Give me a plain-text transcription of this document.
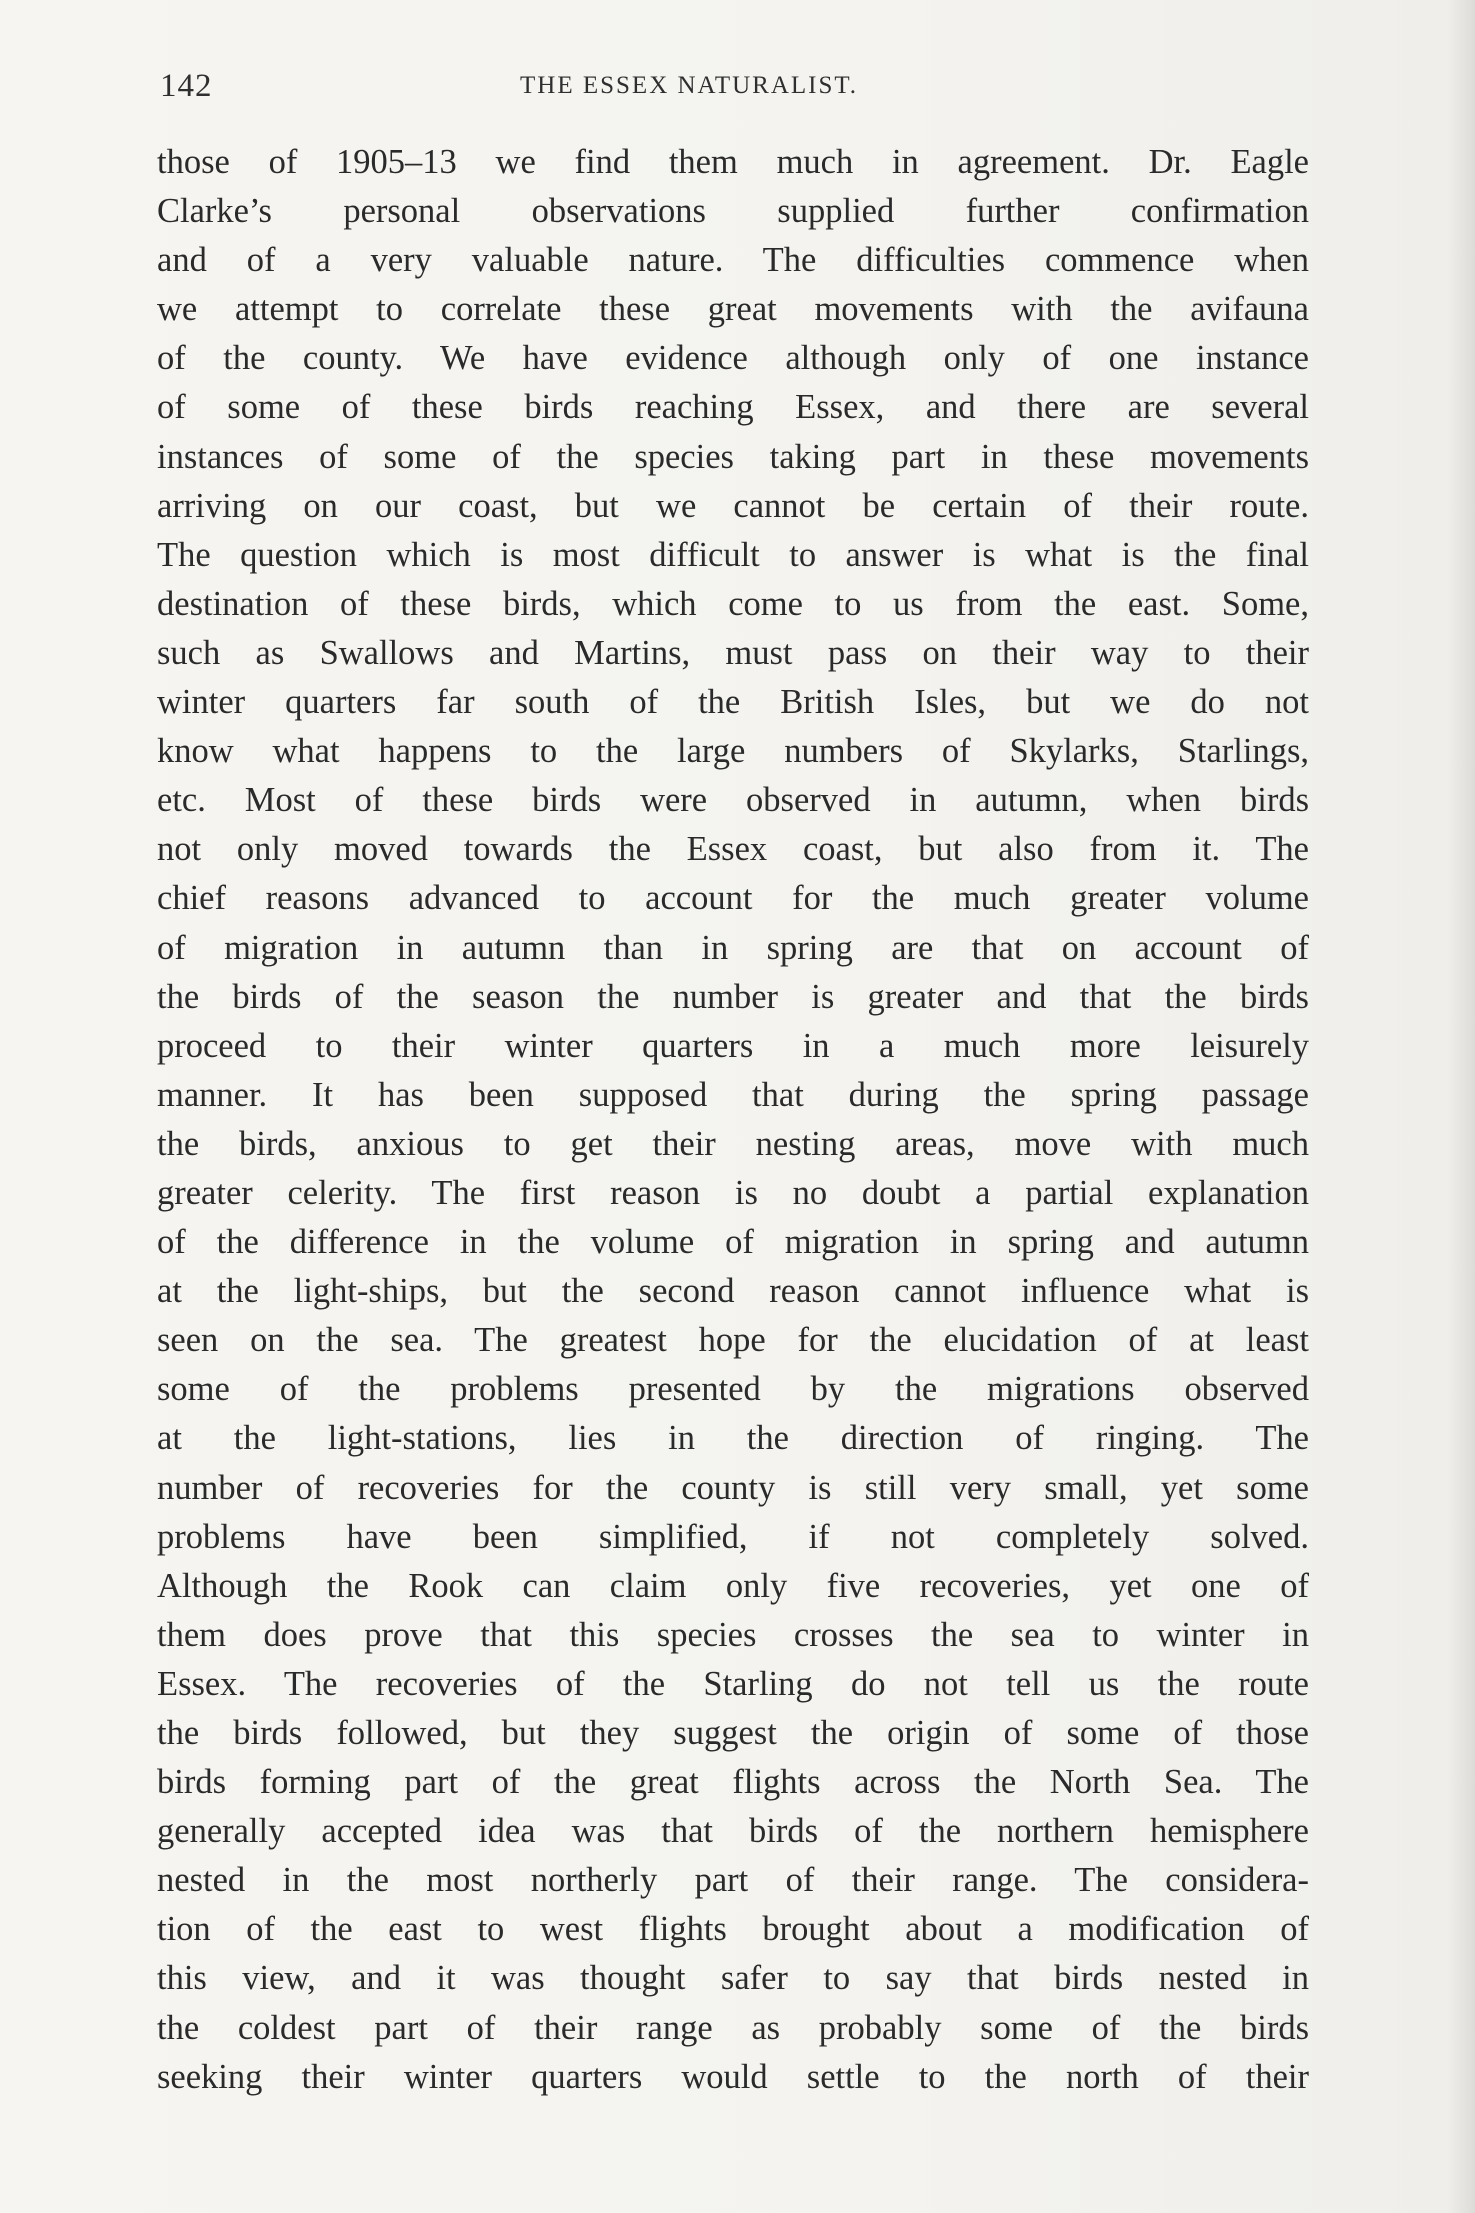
142	THE ESSEX NATURALIST.
those of 1905–13 we find them much in agreement. Dr. Eagle
Clarke’s personal observations supplied further confirmation
and of a very valuable nature. The difficulties commence when
we attempt to correlate these great movements with the avifauna
of the county. We have evidence although only of one instance
of some of these birds reaching Essex, and there are several
instances of some of the species taking part in these movements
arriving on our coast, but we cannot be certain of their route.
The question which is most difficult to answer is what is the final
destination of these birds, which come to us from the east. Some,
such as Swallows and Martins, must pass on their way to their
winter quarters far south of the British Isles, but we do not
know what happens to the large numbers of Skylarks, Starlings,
etc. Most of these birds were observed in autumn, when birds
not only moved towards the Essex coast, but also from it. The
chief reasons advanced to account for the much greater volume
of migration in autumn than in spring are that on account of
the birds of the season the number is greater and that the birds
proceed to their winter quarters in a much more leisurely
manner. It has been supposed that during the spring passage
the birds, anxious to get their nesting areas, move with much
greater celerity. The first reason is no doubt a partial explanation
of the difference in the volume of migration in spring and autumn
at the light-ships, but the second reason cannot influence what is
seen on the sea. The greatest hope for the elucidation of at least
some of the problems presented by the migrations observed
at the light-stations, lies in the direction of ringing. The
number of recoveries for the county is still very small, yet some
problems have been simplified, if not completely solved.
Although the Rook can claim only five recoveries, yet one of
them does prove that this species crosses the sea to winter in
Essex. The recoveries of the Starling do not tell us the route
the birds followed, but they suggest the origin of some of those
birds forming part of the great flights across the North Sea. The
generally accepted idea was that birds of the northern hemisphere
nested in the most northerly part of their range. The considera-
tion of the east to west flights brought about a modification of
this view, and it was thought safer to say that birds nested in
the coldest part of their range as probably some of the birds
seeking their winter quarters would settle to the north of their
